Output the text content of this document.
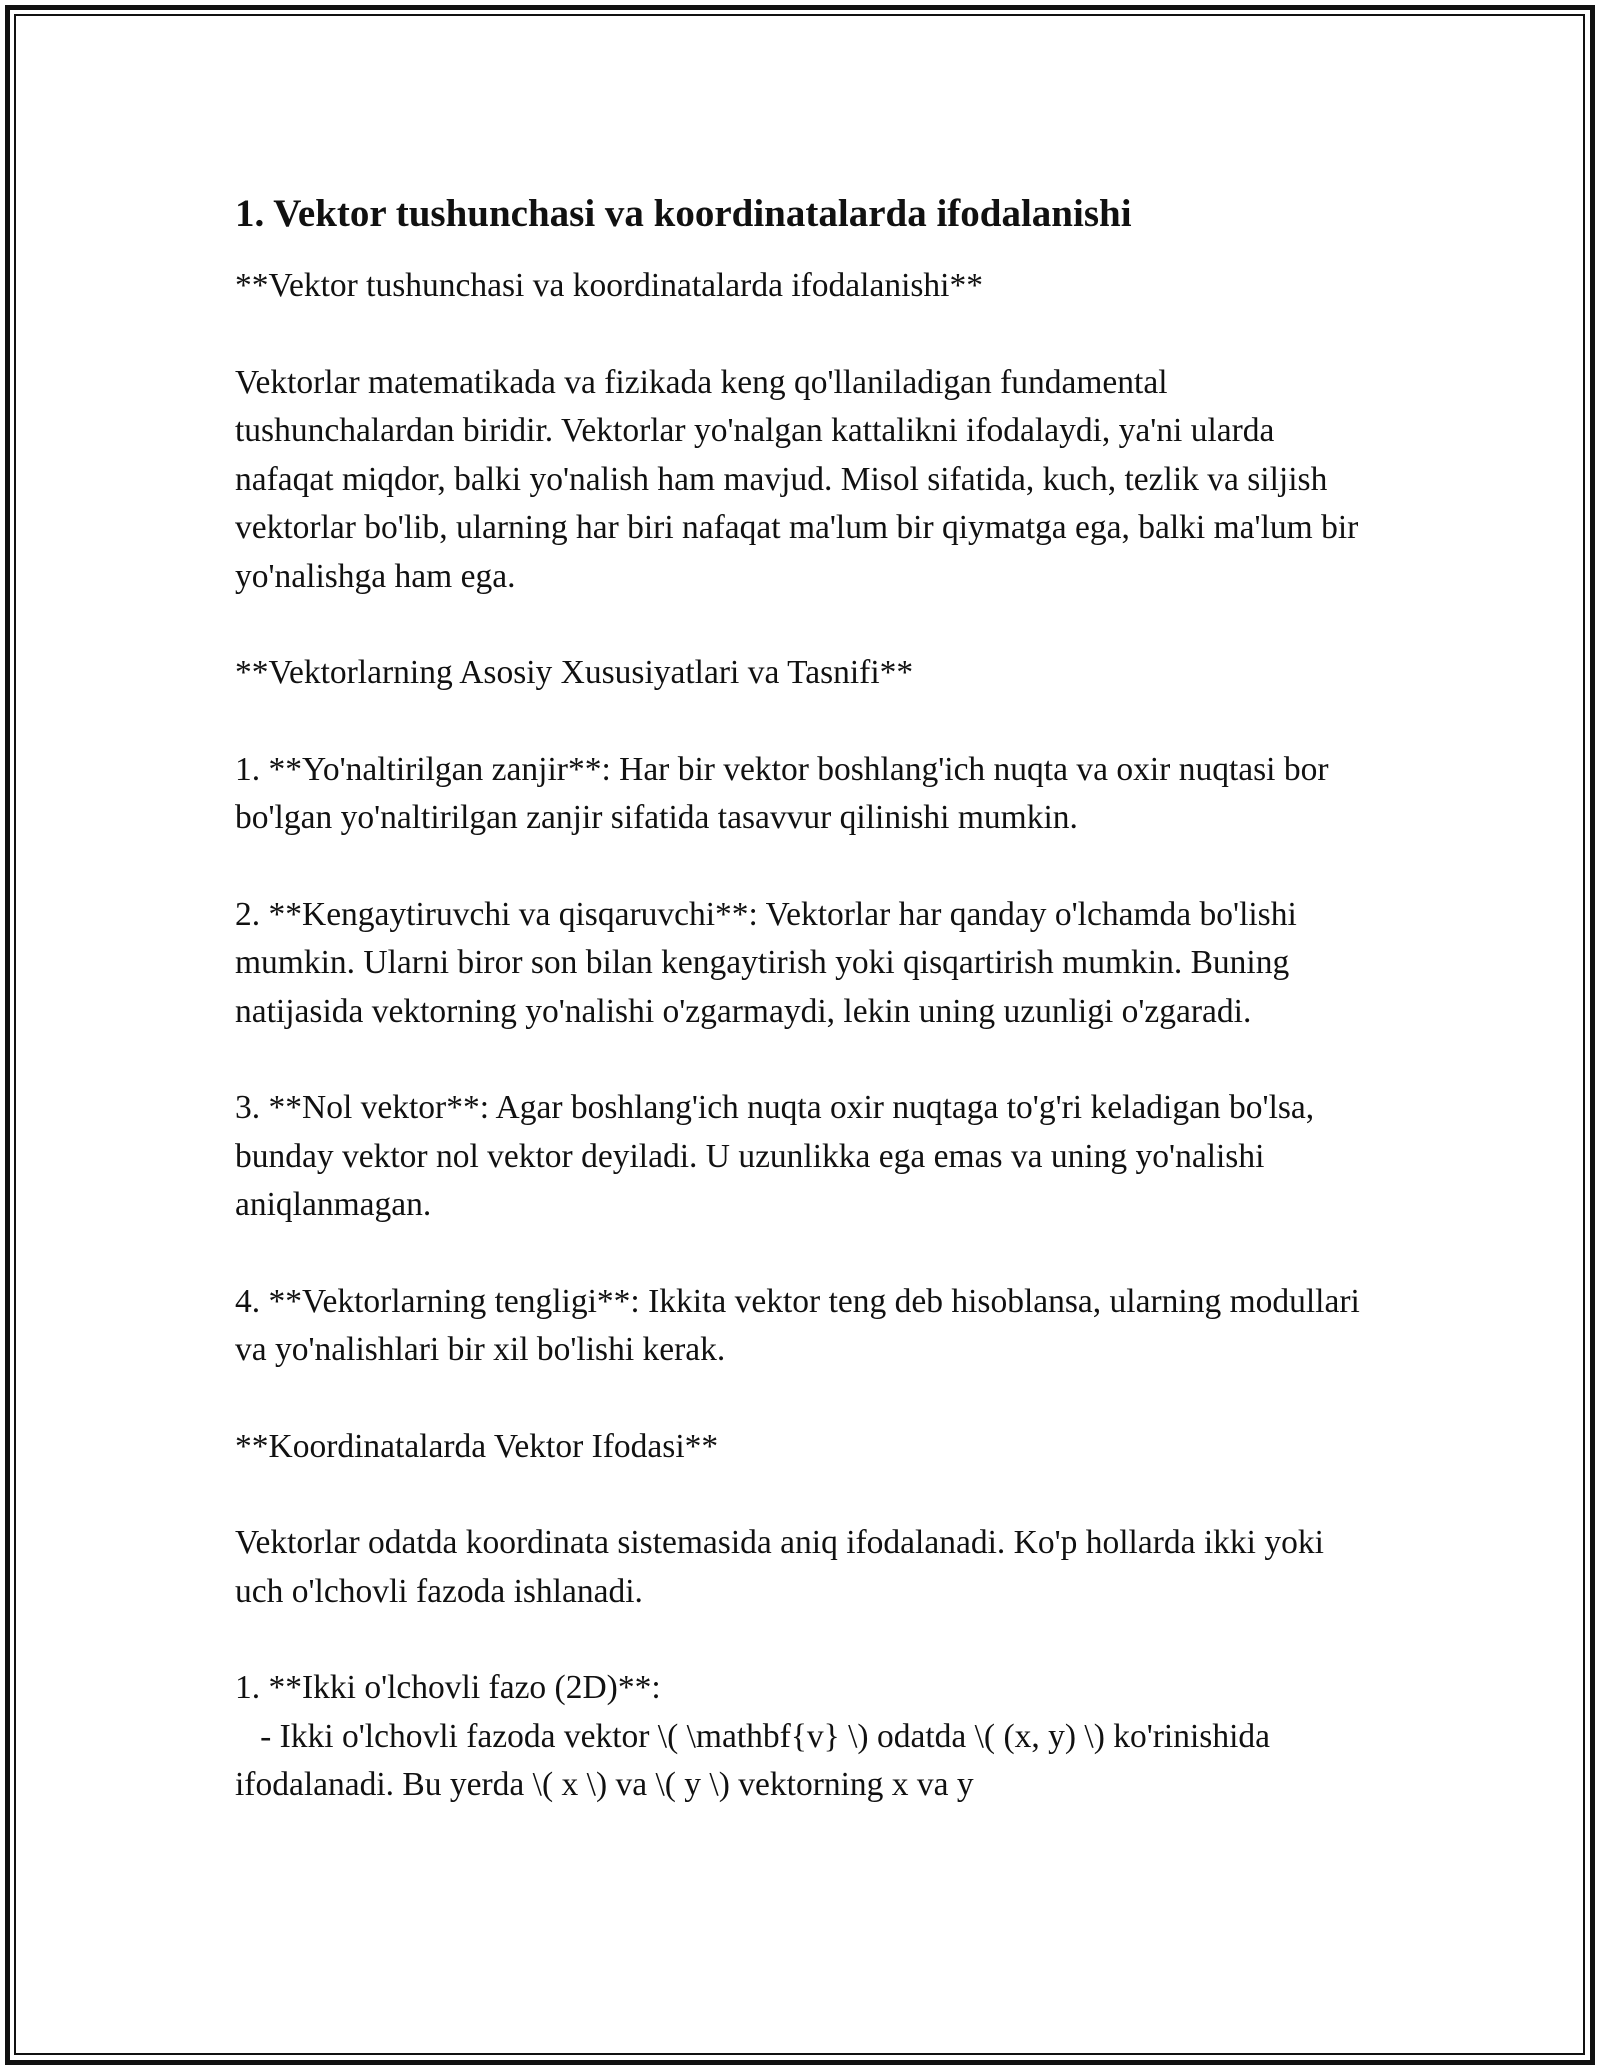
1. Vektor tushunchasi va koordinatalarda ifodalanishi

**Vektor tushunchasi va koordinatalarda ifodalanishi**

Vektorlar matematikada va fizikada keng qo'llaniladigan fundamental tushunchalardan biridir. Vektorlar yo'nalgan kattalikni ifodalaydi, ya'ni ularda nafaqat miqdor, balki yo'nalish ham mavjud. Misol sifatida, kuch, tezlik va siljish vektorlar bo'lib, ularning har biri nafaqat ma'lum bir qiymatga ega, balki ma'lum bir yo'nalishga ham ega.

**Vektorlarning Asosiy Xususiyatlari va Tasnifi**

1. **Yo'naltirilgan zanjir**: Har bir vektor boshlang'ich nuqta va oxir nuqtasi bor bo'lgan yo'naltirilgan zanjir sifatida tasavvur qilinishi mumkin.

2. **Kengaytiruvchi va qisqaruvchi**: Vektorlar har qanday o'lchamda bo'lishi mumkin. Ularni biror son bilan kengaytirish yoki qisqartirish mumkin. Buning natijasida vektorning yo'nalishi o'zgarmaydi, lekin uning uzunligi o'zgaradi.

3. **Nol vektor**: Agar boshlang'ich nuqta oxir nuqtaga to'g'ri keladigan bo'lsa, bunday vektor nol vektor deyiladi. U uzunlikka ega emas va uning yo'nalishi aniqlanmagan.

4. **Vektorlarning tengligi**: Ikkita vektor teng deb hisoblansa, ularning modullari va yo'nalishlari bir xil bo'lishi kerak.

**Koordinatalarda Vektor Ifodasi**

Vektorlar odatda koordinata sistemasida aniq ifodalanadi. Ko'p hollarda ikki yoki uch o'lchovli fazoda ishlanadi.

1. **Ikki o'lchovli fazo (2D)**:
- Ikki o'lchovli fazoda vektor \( \mathbf{v} \) odatda \( (x, y) \) ko'rinishida ifodalanadi. Bu yerda \( x \) va \( y \) vektorning x va y
